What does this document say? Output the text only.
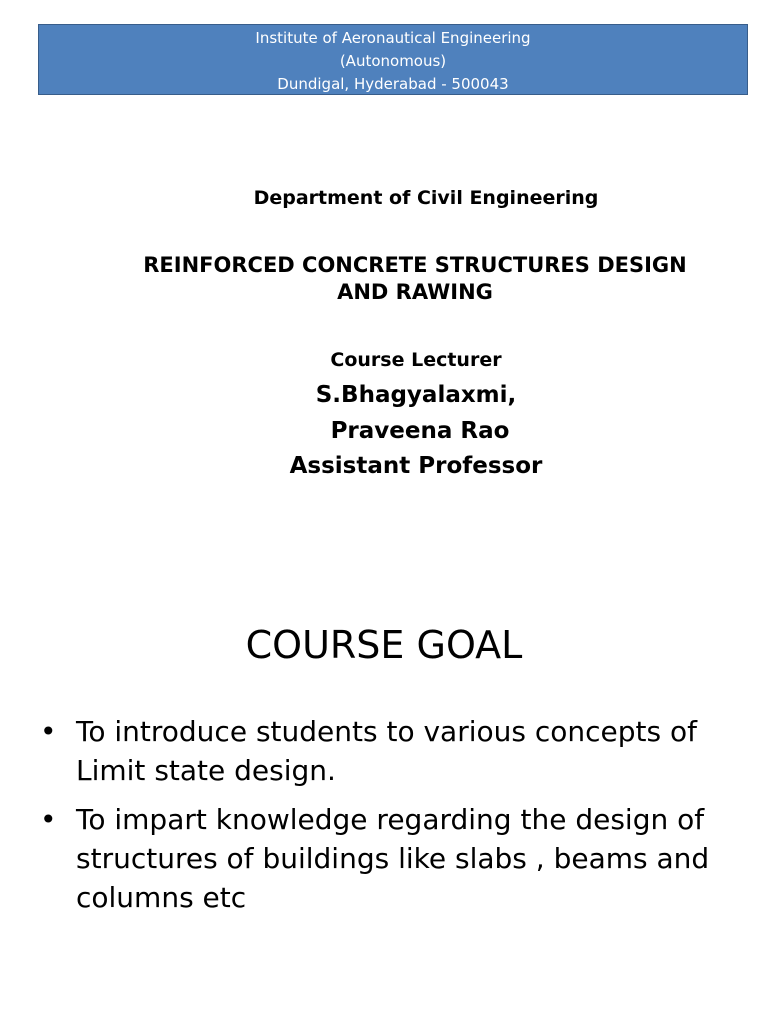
Institute of Aeronautical Engineering
(Autonomous)
Dundigal, Hyderabad - 500043
Department of Civil Engineering
REINFORCED CONCRETE STRUCTURES DESIGN AND RAWING
Course Lecturer
S.Bhagyalaxmi,
Praveena Rao
Assistant Professor
COURSE GOAL
• To introduce students to various concepts of Limit state design.
• To impart knowledge regarding the design of structures of buildings like slabs , beams and columns etc
